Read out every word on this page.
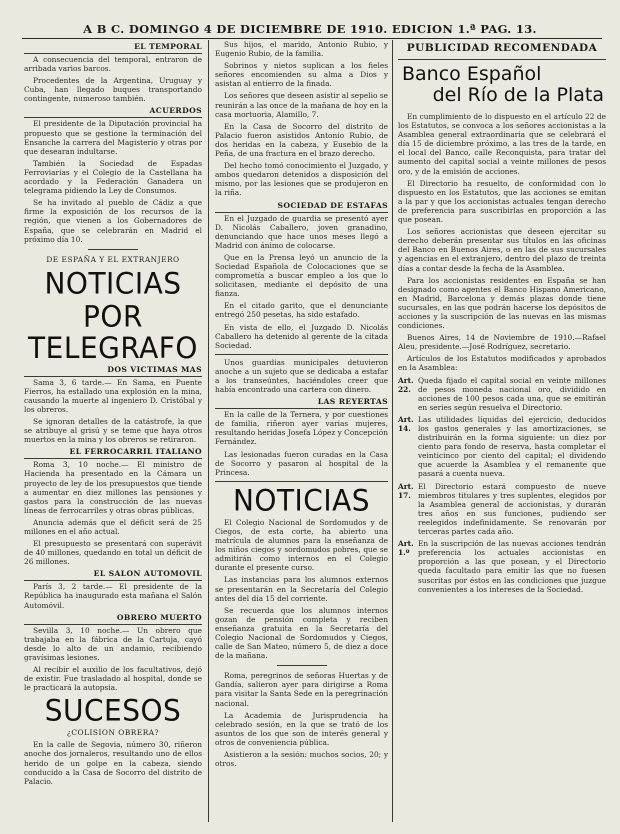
A B C. DOMINGO 4 DE DICIEMBRE DE 1910. EDICION 1.ª PAG. 13.
EL TEMPORAL

A consecuencia del temporal, entraron de arribada varios barcos.

Procedentes de la Argentina, Uruguay y Cuba, han llegado buques transportando contingente, numeroso también.

ACUERDOS

El presidente de la Diputación provincial ha propuesto que se gestione la terminación del Ensanche la carrera del Magisterio y otras por que desearan indultarse.

También la Sociedad de Espadas Ferroviarias y el Colegio de la Castellana ha acordado y la Federación Ganadera un telegrama pidiendo la Ley de Consumos.

Se ha invitado al pueblo de Cádiz a que firme la exposición de los recursos de la región, que vienen a los Gobernadores de España, que se celebrarán en Madrid el próximo día 10.

DE ESPAÑA Y EL EXTRANJERO
NOTICIAS
POR TELEGRAFO
DOS VICTIMAS MAS

Sama 3, 6 tarde.— En Sama, en Puente Fierros, ha estallado una explosión en la mina, causando la muerte al ingeniero D. Cristóbal y los obreros.

Se ignoran detalles de la catástrofe, la que se atribuye al grisú y se teme que haya otros muertos en la mina y los obreros se retiraron.

EL FERROCARRIL ITALIANO

Roma 3, 10 noche.— El ministro de Hacienda ha presentado en la Cámara un proyecto de ley de los presupuestos que tiende a aumentar en diez millones las pensiones y gastos para la construcción de las nuevas líneas de ferrocarriles y otras obras públicas.

Anuncia además que el déficit será de 25 millones en el año actual.

El presupuesto se presentará con superávit de 40 millones, quedando en total un déficit de 26 millones.

EL SALON AUTOMOVIL

París 3, 2 tarde.— El presidente de la República ha inaugurado esta mañana el Salón Automóvil.

OBRERO MUERTO

Sevilla 3, 10 noche.— Un obrero que trabajaba en la fábrica de la Cartuja, cayó desde lo alto de un andamio, recibiendo gravísimas lesiones.

Al recibir el auxilio de los facultativos, dejó de existir. Fue trasladado al hospital, donde se le practicará la autopsia.

SUCESOS
¿COLISION OBRERA?

En la calle de Segovia, número 30, riñeron anoche dos jornaleros, resultando uno de ellos herido de un golpe en la cabeza, siendo conducido a la Casa de Socorro del distrito de Palacio.

Sus hijos, el marido, Antonio Rubio, y Eugenio Rubio, de la familia.

Sobrinos y nietos suplican a los fieles señores encomienden su alma a Dios y asistan al entierro de la finada.

Los señores que deseen asistir al sepelio se reunirán a las once de la mañana de hoy en la casa mortuoria, Alamillo, 7.

En la Casa de Socorro del distrito de Palacio fueron asistidos Antonio Rubio, de dos heridas en la cabeza, y Eusebio de la Peña, de una fractura en el brazo derecho.

Del hecho tomó conocimiento el Juzgado, y ambos quedaron detenidos a disposición del mismo, por las lesiones que se produjeron en la riña.

SOCIEDAD DE ESTAFAS

En el Juzgado de guardia se presentó ayer D. Nicolás Caballero, joven granadino, denunciando que hace unos meses llegó a Madrid con ánimo de colocarse.

Que en la Prensa leyó un anuncio de la Sociedad Española de Colocaciones que se comprometía a buscar empleo a los que lo solicitasen, mediante el depósito de una fianza.

En el citado garito, que el denunciante entregó 250 pesetas, ha sido estafado.

En vista de ello, el Juzgado D. Nicolás Caballero ha detenido al gerente de la citada Sociedad.

Unos guardias municipales detuvieron anoche a un sujeto que se dedicaba a estafar a los transeúntes, haciéndoles creer que había encontrado una cartera con dinero.

LAS REYERTAS

En la calle de la Ternera, y por cuestiones de familia, riñeron ayer varias mujeres, resultando heridas Josefa López y Concepción Fernández.

Las lesionadas fueron curadas en la Casa de Socorro y pasaron al hospital de la Princesa.

NOTICIAS

El Colegio Nacional de Sordomudos y de Ciegos, de esta corte, ha abierto una matrícula de alumnos para la enseñanza de los niños ciegos y sordomudos pobres, que se admitirán como internos en el Colegio durante el presente curso.

Las instancias para los alumnos externos se presentarán en la Secretaría del Colegio antes del día 15 del corriente.

Se recuerda que los alumnos internos gozan de pensión completa y reciben enseñanza gratuita en la Secretaría del Colegio Nacional de Sordomudos y Ciegos, calle de San Mateo, número 5, de diez a doce de la mañana.

Roma, peregrinos de señoras Huertas y de Gandía, salieron ayer para dirigirse a Roma para visitar la Santa Sede en la peregrinación nacional.

La Academia de Jurisprudencia ha celebrado sesión, en la que se trató de los asuntos de los que son de interés general y otros de conveniencia pública.

Asistieron a la sesión: muchos socios, 20; y otros.

PUBLICIDAD RECOMENDADA
Banco Español
del Río de la Plata

En cumplimiento de lo dispuesto en el artículo 22 de los Estatutos, se convoca a los señores accionistas a la Asamblea general extraordinaria que se celebrará el día 15 de diciembre próximo, a las tres de la tarde, en el local del Banco, calle Reconquista, para tratar del aumento del capital social a veinte millones de pesos oro, y de la emisión de acciones.

El Directorio ha resuelto, de conformidad con lo dispuesto en los Estatutos, que las acciones se emitan a la par y que los accionistas actuales tengan derecho de preferencia para suscribirlas en proporción a las que posean.

Los señores accionistas que deseen ejercitar su derecho deberán presentar sus títulos en las oficinas del Banco en Buenos Aires, o en las de sus sucursales y agencias en el extranjero, dentro del plazo de treinta días a contar desde la fecha de la Asamblea.

Para los accionistas residentes en España se han designado como agentes el Banco Hispano Americano, en Madrid, Barcelona y demás plazas donde tiene sucursales, en las que podrán hacerse los depósitos de acciones y la suscripción de las nuevas en las mismas condiciones.

Buenos Aires, 14 de Noviembre de 1910.—Rafael Aleu, presidente.—José Rodríguez, secretario.

Artículos de los Estatutos modificados y aprobados en la Asamblea:

Art. 22.

Queda fijado el capital social en veinte millones de pesos moneda nacional oro, dividido en acciones de 100 pesos cada una, que se emitirán en series según resuelva el Directorio.

Art. 14.

Las utilidades líquidas del ejercicio, deducidos los gastos generales y las amortizaciones, se distribuirán en la forma siguiente: un diez por ciento para fondo de reserva, hasta completar el veinticinco por ciento del capital; el dividendo que acuerde la Asamblea y el remanente que pasará a cuenta nueva.

Art. 17.

El Directorio estará compuesto de nueve miembros titulares y tres suplentes, elegidos por la Asamblea general de accionistas, y durarán tres años en sus funciones, pudiendo ser reelegidos indefinidamente. Se renovarán por terceras partes cada año.

Art. 1.º

En la suscripción de las nuevas acciones tendrán preferencia los actuales accionistas en proporción a las que posean, y el Directorio queda facultado para emitir las que no fuesen suscritas por éstos en las condiciones que juzgue convenientes a los intereses de la Sociedad.
